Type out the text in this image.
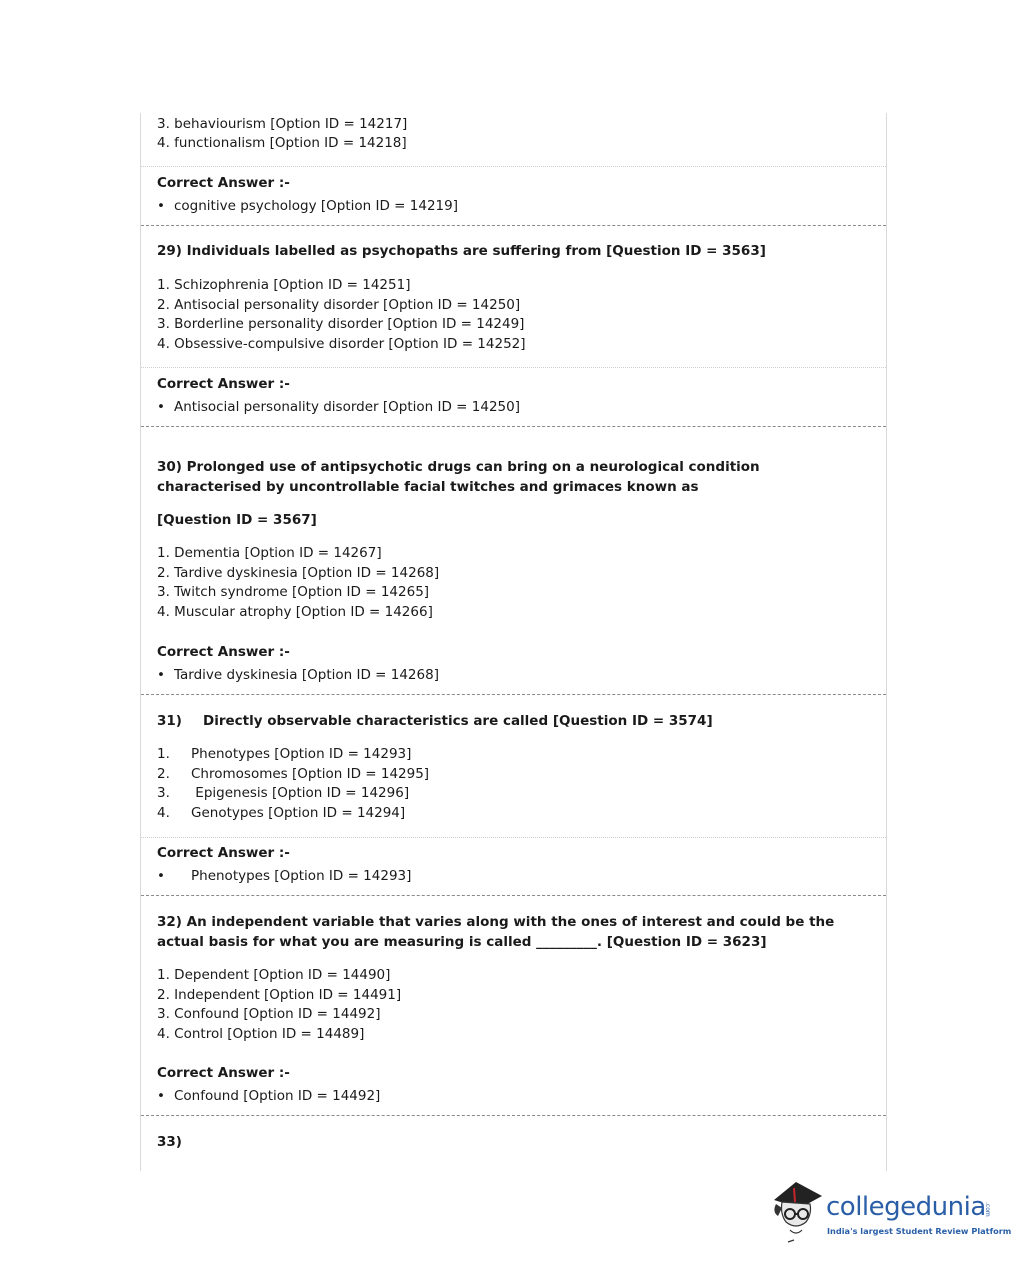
3. behaviourism [Option ID = 14217]
4. functionalism [Option ID = 14218]
Correct Answer :-
• cognitive psychology [Option ID = 14219]
29) Individuals labelled as psychopaths are suffering from [Question ID = 3563]
1. Schizophrenia [Option ID = 14251]
2. Antisocial personality disorder [Option ID = 14250]
3. Borderline personality disorder [Option ID = 14249]
4. Obsessive-compulsive disorder [Option ID = 14252]
Correct Answer :-
• Antisocial personality disorder [Option ID = 14250]
30) Prolonged use of antipsychotic drugs can bring on a neurological condition characterised by uncontrollable facial twitches and grimaces known as
[Question ID = 3567]
1. Dementia [Option ID = 14267]
2. Tardive dyskinesia [Option ID = 14268]
3. Twitch syndrome [Option ID = 14265]
4. Muscular atrophy [Option ID = 14266]
Correct Answer :-
• Tardive dyskinesia [Option ID = 14268]
31) Directly observable characteristics are called [Question ID = 3574]
1. Phenotypes [Option ID = 14293]
2. Chromosomes [Option ID = 14295]
3. Epigenesis [Option ID = 14296]
4. Genotypes [Option ID = 14294]
Correct Answer :-
• Phenotypes [Option ID = 14293]
32) An independent variable that varies along with the ones of interest and could be the actual basis for what you are measuring is called _________. [Question ID = 3623]
1. Dependent [Option ID = 14490]
2. Independent [Option ID = 14491]
3. Confound [Option ID = 14492]
4. Control [Option ID = 14489]
Correct Answer :-
• Confound [Option ID = 14492]
33)
collegedunia
.com
India's largest Student Review Platform
